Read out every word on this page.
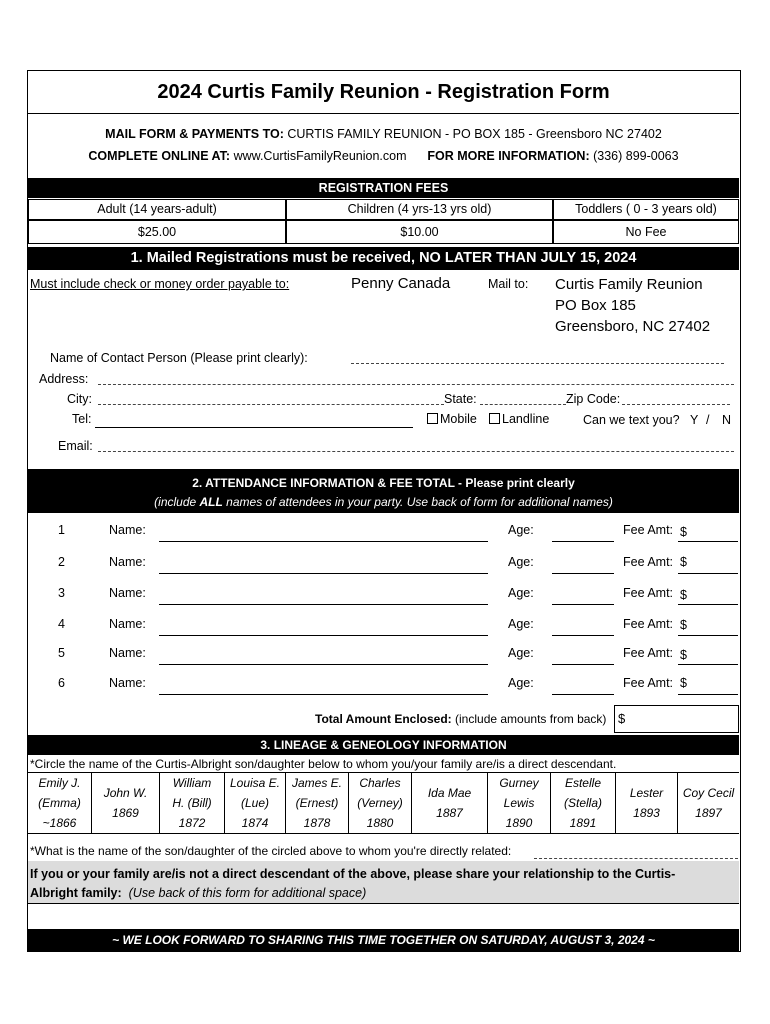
2024 Curtis Family Reunion - Registration Form
MAIL FORM & PAYMENTS TO: CURTIS FAMILY REUNION - PO BOX 185 - Greensboro NC 27402
COMPLETE ONLINE AT: www.CurtisFamilyReunion.com FOR MORE INFORMATION: (336) 899-0063
REGISTRATION FEES
Adult (14 years-adult)	Children (4 yrs-13 yrs old)	Toddlers ( 0 - 3 years old)
$25.00	$10.00	No Fee
1. Mailed Registrations must be received, NO LATER THAN JULY 15, 2024
Must include check or money order payable to:	Penny Canada	Mail to: Curtis Family Reunion
PO Box 185
Greensboro, NC 27402
Name of Contact Person (Please print clearly):
Address:
City:	State:	Zip Code:
Tel:	Mobile	Landline	Can we text you? Y / N
Email:
2. ATTENDANCE INFORMATION & FEE TOTAL - Please print clearly
(include ALL names of attendees in your party. Use back of form for additional names)
1	Name:	Age:	Fee Amt: $
2	Name:	Age:	Fee Amt: $
3	Name:	Age:	Fee Amt: $
4	Name:	Age:	Fee Amt: $
5	Name:	Age:	Fee Amt: $
6	Name:	Age:	Fee Amt: $
Total Amount Enclosed: (include amounts from back) $
3. LINEAGE & GENEOLOGY INFORMATION
*Circle the name of the Curtis-Albright son/daughter below to whom you/your family are/is a direct descendant.
Emily J.
(Emma)
~1866
John W.
1869
William
H. (Bill)
1872
Louisa E.
(Lue)
1874
James E.
(Ernest)
1878
Charles
(Verney)
1880
Ida Mae
1887
Gurney
Lewis
1890
Estelle
(Stella)
1891
Lester
1893
Coy Cecil
1897
*What is the name of the son/daughter of the circled above to whom you're directly related:
If you or your family are/is not a direct descendant of the above, please share your relationship to the Curtis-
Albright family: (Use back of this form for additional space)
~ WE LOOK FORWARD TO SHARING THIS TIME TOGETHER ON SATURDAY, AUGUST 3, 2024 ~
